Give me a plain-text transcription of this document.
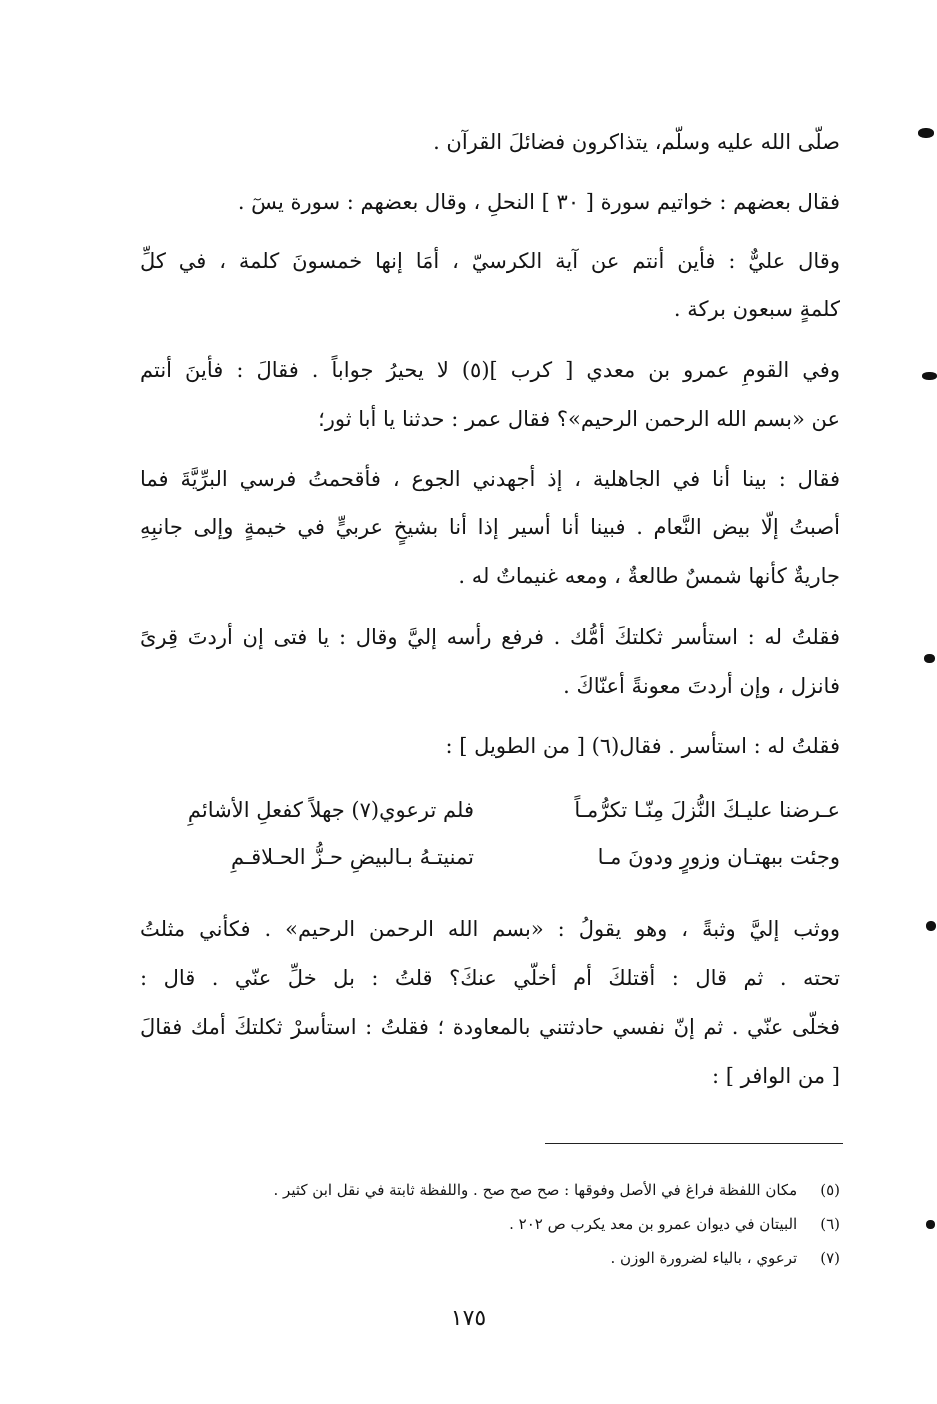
صلّى الله عليه وسلّم، يتذاكرون فضائلَ القرآن .
فقال بعضهم : خواتيم سورة [ ٣٠ ] النحلِ ، وقال بعضهم : سورة يسٓ .
وقال عليٌّ : فأين أنتم عن آية الكرسيّ ، أمَا إنها خمسونَ كلمة ، في كلِّ
كلمةٍ سبعون بركة .
وفي القومِ عمرو بن معدي [ كرب ](٥) لا يحيرُ جواباً . فقالَ : فأينَ أنتم
عن «بسم الله الرحمن الرحيم»؟ فقال عمر : حدثنا يا أبا ثور؛
فقال : بينا أنا في الجاهلية ، إذ أجهدني الجوع ، فأقحمتُ فرسي البرِّيَّةَ فما
أصبتُ إلّا بيض النَّعام . فبينا أنا أسير إذا أنا بشيخٍ عربيٍّ في خيمةٍ وإلى جانبِهِ
جاريةٌ كأنها شمسٌ طالعةٌ ، ومعه غنيماتٌ له .
فقلتُ له : استأسر ثكلتكَ أمُّك . فرفع رأسه إليَّ وقال : يا فتى إن أردتَ قِرىً
فانزل ، وإن أردتَ معونةً أعنّاكَ .
فقلتُ له : استأسر . فقال(٦) [ من الطويل ] :
عـرضنا عليـكَ النُّزلَ مِنّـا تكرُّمـاً
فلم ترعوي(٧) جهلاً كفعلِ الأشائمِ
وجئت ببهتـان وزورٍ ودونَ مـا
تمنيتـهُ بـالبيضِ حـزُّ الحـلاقـمِ
ووثب إليَّ وثبةً ، وهو يقولُ : «بسم الله الرحمن الرحيم» . فكأني مثلتُ
تحته . ثم قال : أقتلكَ أم أخلّي عنكَ؟ قلتُ : بل خلِّ عنّي . قال :
فخلّى عنّي . ثم إنّ نفسي حادثتني بالمعاودة ؛ فقلتُ : استأسرْ ثكلتكَ أمك فقالَ
[ من الوافر ] :
(٥) مكان اللفظة فراغ في الأصل وفوقها : صح صح صح . واللفظة ثابتة في نقل ابن كثير .
(٦) البيتان في ديوان عمرو بن معد يكرب ص ٢٠٢ .
(٧) ترعوي ، بالياء لضرورة الوزن .
١٧٥
